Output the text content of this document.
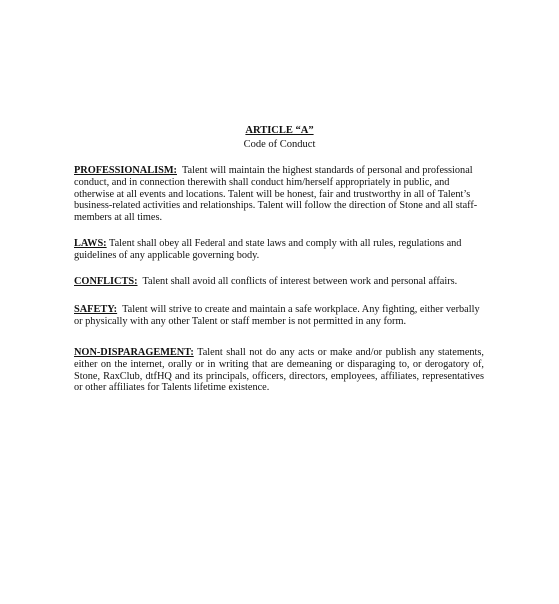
ARTICLE “A”
Code of Conduct

PROFESSIONALISM: Talent will maintain the highest standards of personal and professional conduct, and in connection therewith shall conduct him/herself appropriately in public, and otherwise at all events and locations. Talent will be honest, fair and trustworthy in all of Talent’s business-related activities and relationships. Talent will follow the direction of Stone and all staff-members at all times.

LAWS: Talent shall obey all Federal and state laws and comply with all rules, regulations and guidelines of any applicable governing body.

CONFLICTS: Talent shall avoid all conflicts of interest between work and personal affairs.

SAFETY: Talent will strive to create and maintain a safe workplace. Any fighting, either verbally or physically with any other Talent or staff member is not permitted in any form.

NON-DISPARAGEMENT: Talent shall not do any acts or make and/or publish any statements, either on the internet, orally or in writing that are demeaning or disparaging to, or derogatory of, Stone, RaxClub, dtfHQ and its principals, officers, directors, employees, affiliates, representatives or other affiliates for Talents lifetime existence.
